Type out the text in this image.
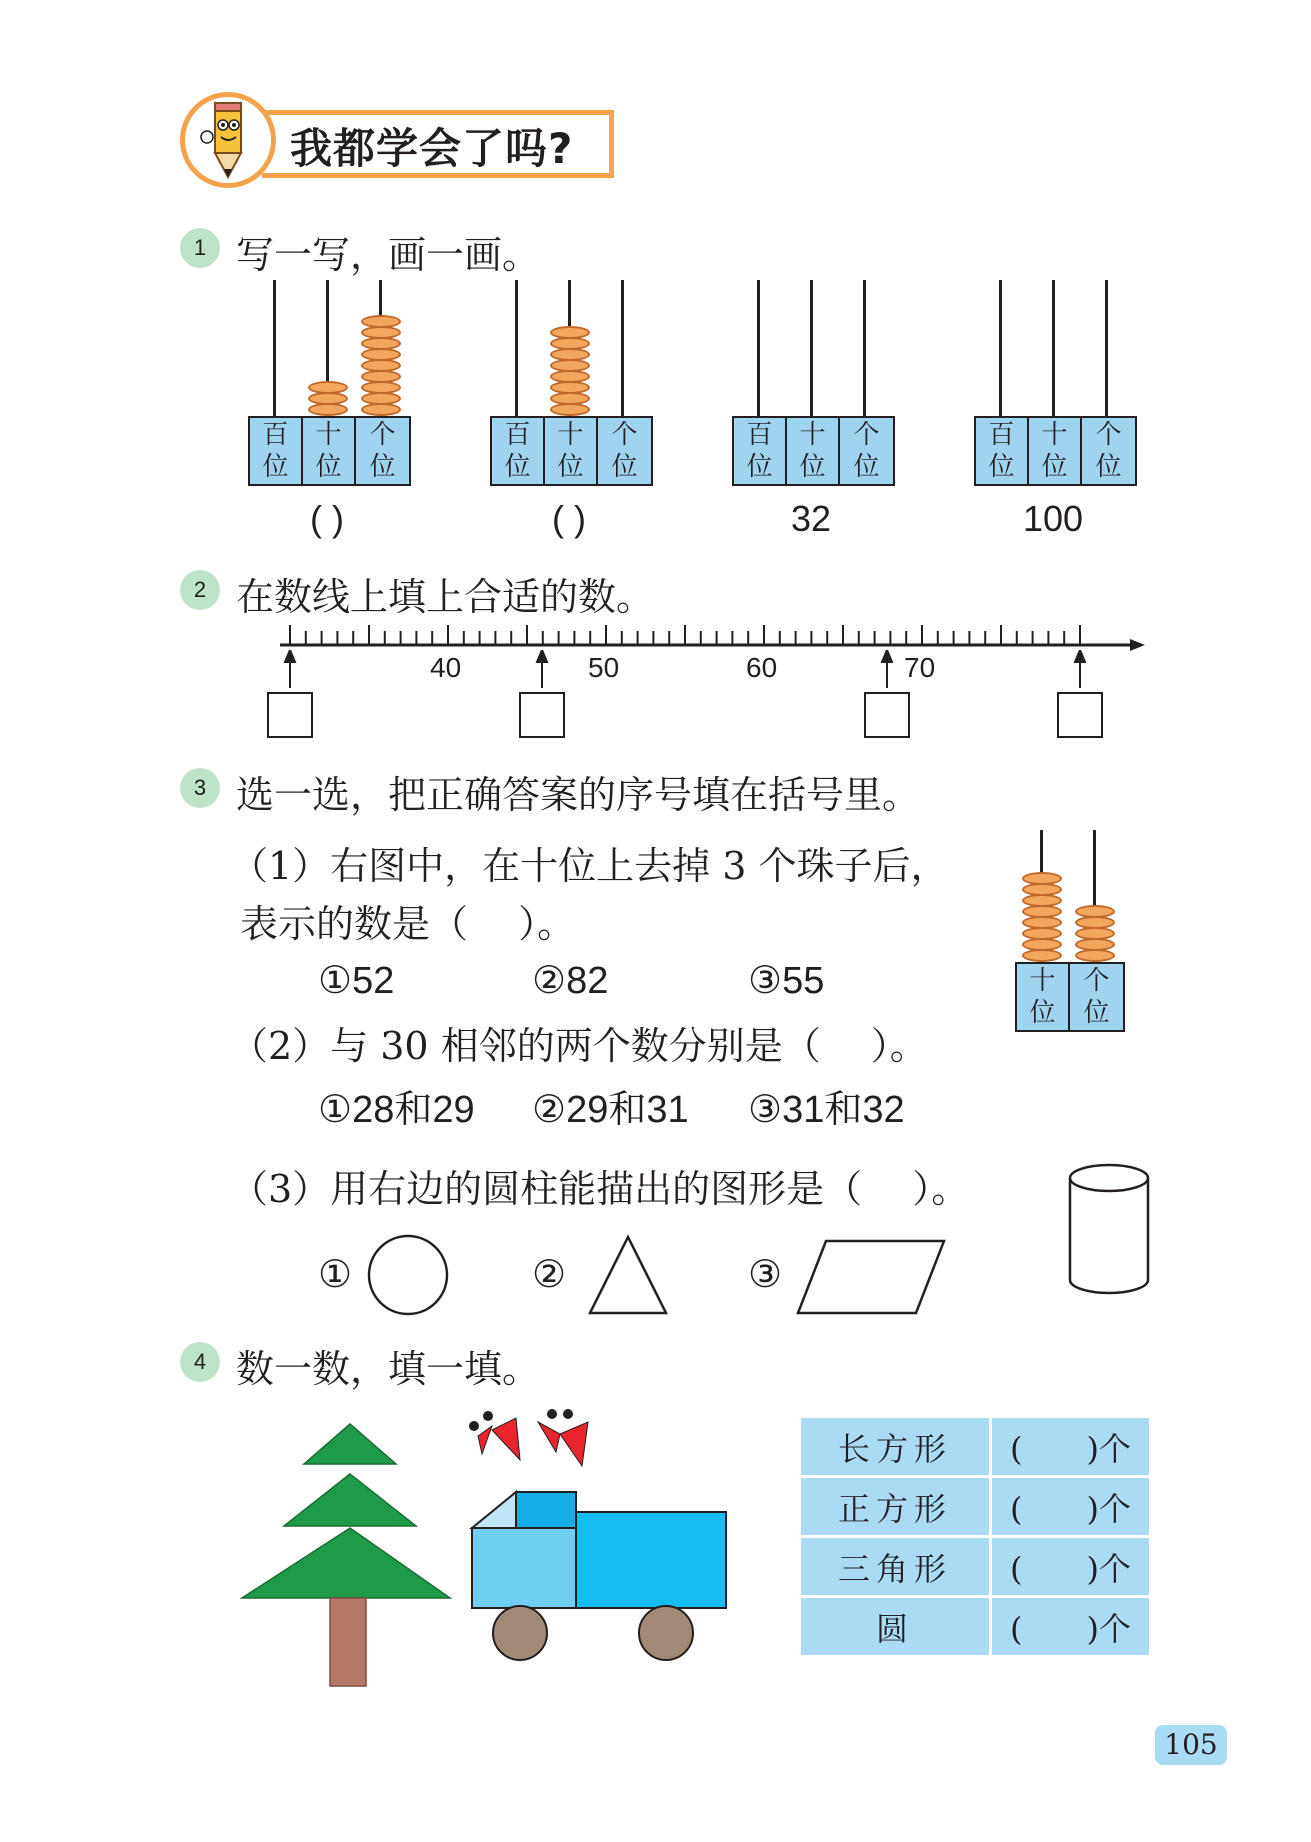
我都学会了吗?
1 写一写，画一画。
百
位
十
位
个
位
( )
百
位
十
位
个
位
( )
百
位
十
位
个
位
32
百
位
十
位
个
位
100
2 在数线上填上合适的数。
40	50	60	70
3 选一选，把正确答案的序号填在括号里。
（1）右图中，在十位上去掉 3 个珠子后，
表示的数是（　 ）。
①52	②82	③55	十
位
个
位
（2）与 30 相邻的两个数分别是（　 ）。
①28和29 ②29和31 ③31和32
（3）用右边的圆柱能描出的图形是（　 ）。
①	②	③
4 数一数，填一填。
长方形	(　　)个
正方形	(　　)个
三角形	(　　)个
圆	(　　)个
105
